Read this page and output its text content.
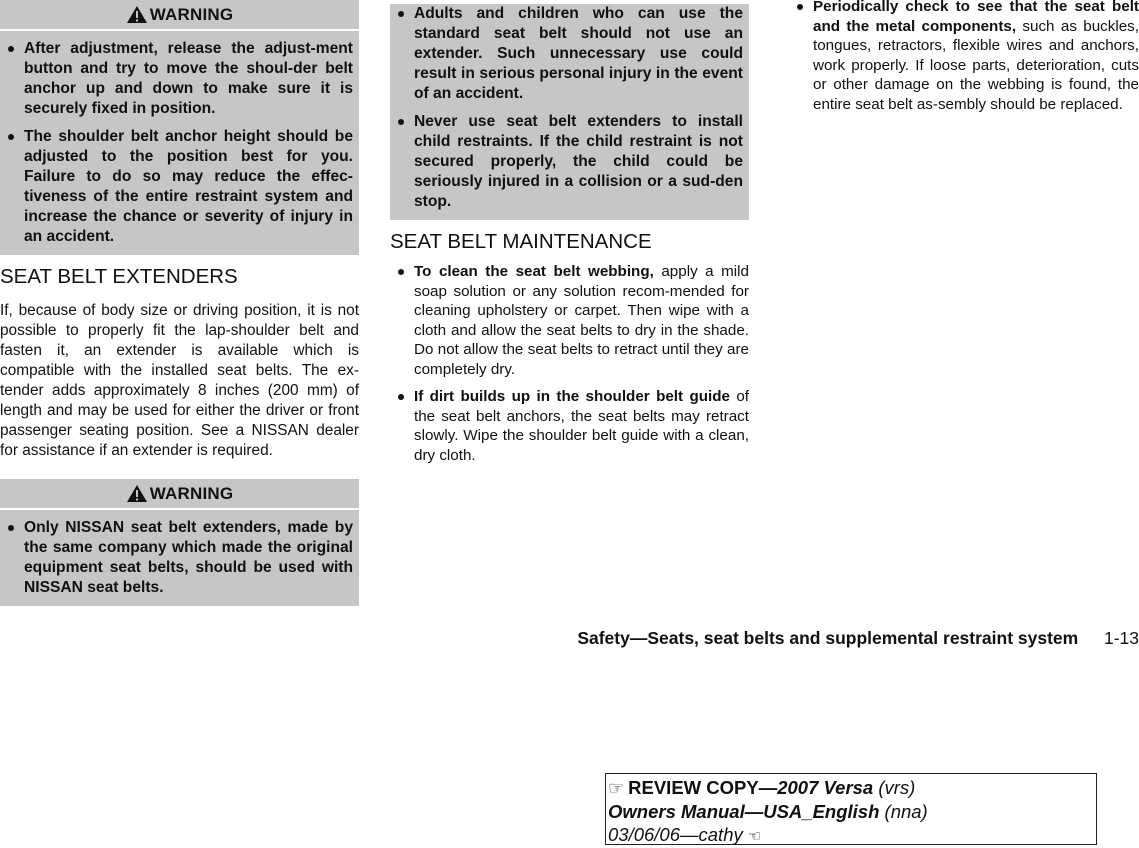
WARNING
After adjustment, release the adjust-ment button and try to move the shoul-der belt anchor up and down to make sure it is securely fixed in position.
The shoulder belt anchor height should be adjusted to the position best for you. Failure to do so may reduce the effec-tiveness of the entire restraint system and increase the chance or severity of injury in an accident.
SEAT BELT EXTENDERS

If, because of body size or driving position, it is not possible to properly fit the lap-shoulder belt and fasten it, an extender is available which is compatible with the installed seat belts. The ex-tender adds approximately 8 inches (200 mm) of length and may be used for either the driver or front passenger seating position. See a NISSAN dealer for assistance if an extender is required.

WARNING
Only NISSAN seat belt extenders, made by the same company which made the original equipment seat belts, should be used with NISSAN seat belts.
Adults and children who can use the standard seat belt should not use an extender. Such unnecessary use could result in serious personal injury in the event of an accident.
Never use seat belt extenders to install child restraints. If the child restraint is not secured properly, the child could be seriously injured in a collision or a sud-den stop.
SEAT BELT MAINTENANCE
To clean the seat belt webbing, apply a mild soap solution or any solution recom-mended for cleaning upholstery or carpet. Then wipe with a cloth and allow the seat belts to dry in the shade. Do not allow the seat belts to retract until they are completely dry.
If dirt builds up in the shoulder belt guide of the seat belt anchors, the seat belts may retract slowly. Wipe the shoulder belt guide with a clean, dry cloth.
Periodically check to see that the seat belt and the metal components, such as buckles, tongues, retractors, flexible wires and anchors, work properly. If loose parts, deterioration, cuts or other damage on the webbing is found, the entire seat belt as-sembly should be replaced.
Safety—Seats, seat belts and supplemental restraint system 1-13
☞ REVIEW COPY—2007 Versa (vrs)
Owners Manual—USA_English (nna)
03/06/06—cathy ☜
